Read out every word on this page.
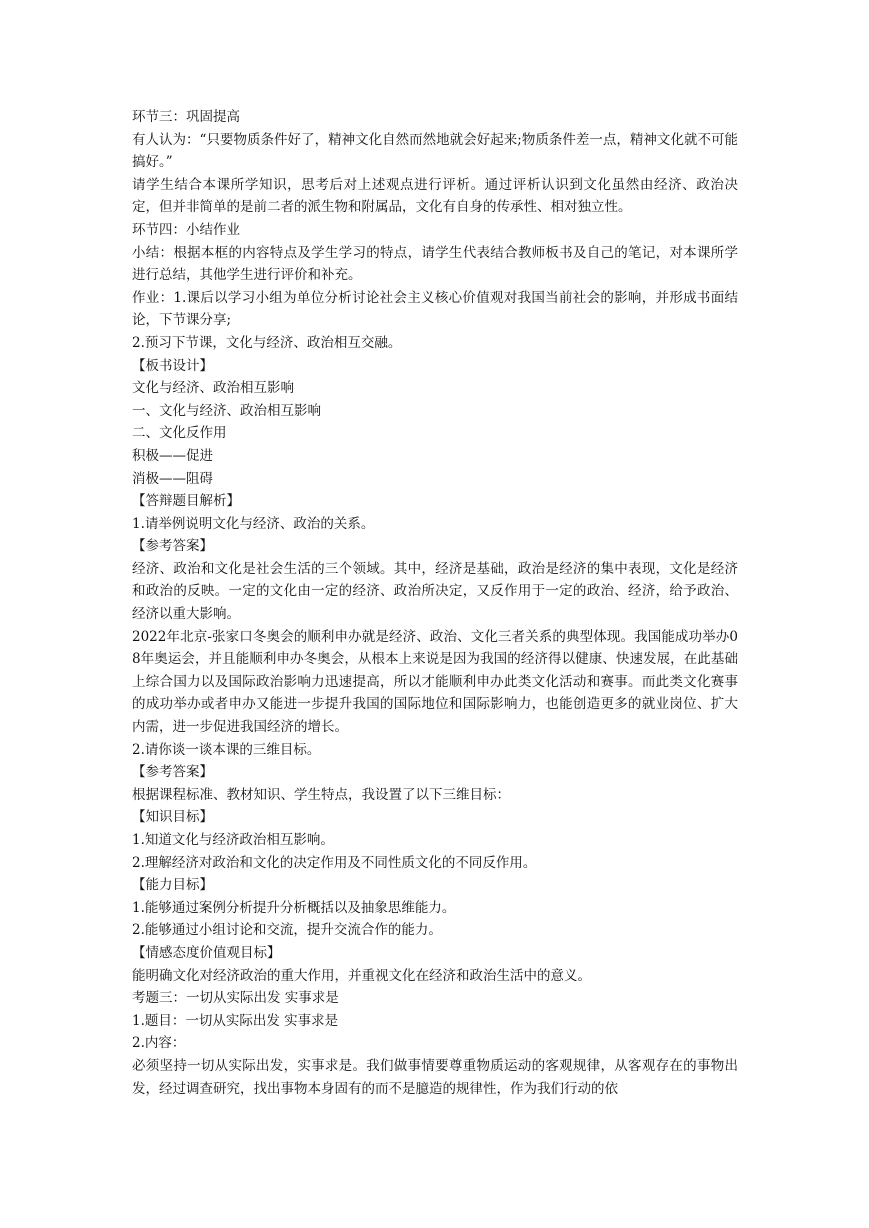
环节三：巩固提高

有人认为：“只要物质条件好了，精神文化自然而然地就会好起来;物质条件差一点，精神文化就不可能搞好。”

请学生结合本课所学知识，思考后对上述观点进行评析。通过评析认识到文化虽然由经济、政治决定，但并非简单的是前二者的派生物和附属品，文化有自身的传承性、相对独立性。

环节四：小结作业

小结：根据本框的内容特点及学生学习的特点，请学生代表结合教师板书及自己的笔记，对本课所学进行总结，其他学生进行评价和补充。

作业：1.课后以学习小组为单位分析讨论社会主义核心价值观对我国当前社会的影响，并形成书面结论，下节课分享;

2.预习下节课，文化与经济、政治相互交融。

【板书设计】

文化与经济、政治相互影响

一、文化与经济、政治相互影响

二、文化反作用

积极——促进

消极——阻碍

【答辩题目解析】

1.请举例说明文化与经济、政治的关系。

【参考答案】

经济、政治和文化是社会生活的三个领域。其中，经济是基础，政治是经济的集中表现，文化是经济和政治的反映。一定的文化由一定的经济、政治所决定，又反作用于一定的政治、经济，给予政治、经济以重大影响。

2022年北京-张家口冬奥会的顺利申办就是经济、政治、文化三者关系的典型体现。我国能成功举办08年奥运会，并且能顺利申办冬奥会，从根本上来说是因为我国的经济得以健康、快速发展，在此基础上综合国力以及国际政治影响力迅速提高，所以才能顺利申办此类文化活动和赛事。而此类文化赛事的成功举办或者申办又能进一步提升我国的国际地位和国际影响力，也能创造更多的就业岗位、扩大内需，进一步促进我国经济的增长。

2.请你谈一谈本课的三维目标。

【参考答案】

根据课程标准、教材知识、学生特点，我设置了以下三维目标：

【知识目标】

1.知道文化与经济政治相互影响。

2.理解经济对政治和文化的决定作用及不同性质文化的不同反作用。

【能力目标】

1.能够通过案例分析提升分析概括以及抽象思维能力。

2.能够通过小组讨论和交流，提升交流合作的能力。

【情感态度价值观目标】

能明确文化对经济政治的重大作用，并重视文化在经济和政治生活中的意义。

考题三：一切从实际出发 实事求是

1.题目：一切从实际出发 实事求是

2.内容：

必须坚持一切从实际出发，实事求是。我们做事情要尊重物质运动的客观规律，从客观存在的事物出发，经过调查研究，找出事物本身固有的而不是臆造的规律性，作为我们行动的依
